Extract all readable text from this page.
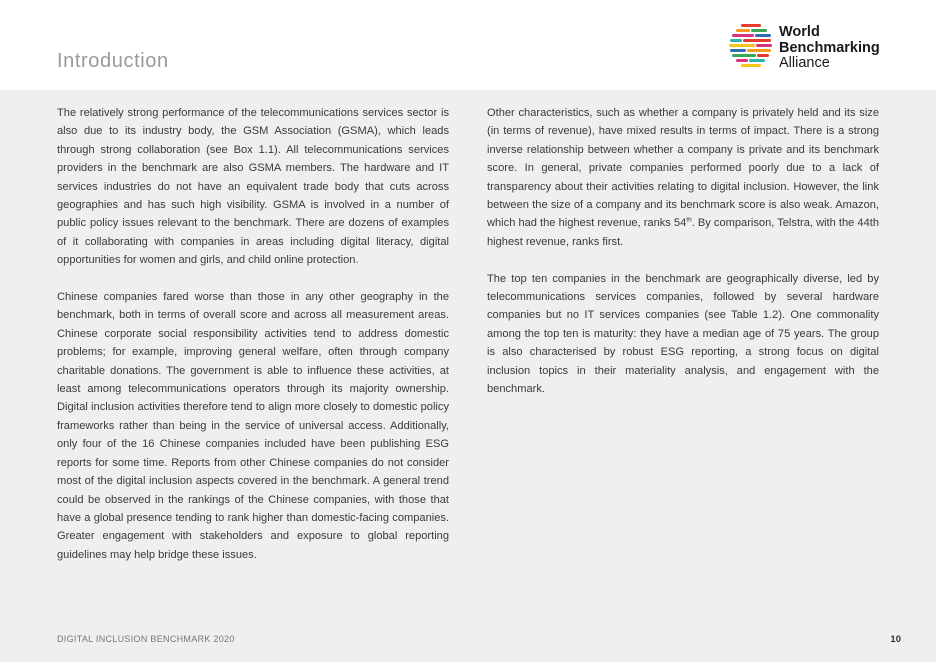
Introduction
World
Benchmarking
Alliance

The relatively strong performance of the telecommunications services sector is also due to its industry body, the GSM Association (GSMA), which leads through strong collaboration (see Box 1.1). All telecommunications services providers in the benchmark are also GSMA members. The hardware and IT services industries do not have an equivalent trade body that cuts across geographies and has such high visibility. GSMA is involved in a number of public policy issues relevant to the benchmark. There are dozens of examples of it collaborating with companies in areas including digital literacy, digital opportunities for women and girls, and child online protection.

Chinese companies fared worse than those in any other geography in the benchmark, both in terms of overall score and across all measurement areas. Chinese corporate social responsibility activities tend to address domestic problems; for example, improving general welfare, often through company charitable donations. The government is able to influence these activities, at least among telecommunications operators through its majority ownership. Digital inclusion activities therefore tend to align more closely to domestic policy frameworks rather than being in the service of universal access. Additionally, only four of the 16 Chinese companies included have been publishing ESG reports for some time. Reports from other Chinese companies do not consider most of the digital inclusion aspects covered in the benchmark. A general trend could be observed in the rankings of the Chinese companies, with those that have a global presence tending to rank higher than domestic-facing companies. Greater engagement with stakeholders and exposure to global reporting guidelines may help bridge these issues.

Other characteristics, such as whether a company is privately held and its size (in terms of revenue), have mixed results in terms of impact. There is a strong inverse relationship between whether a company is private and its benchmark score. In general, private companies performed poorly due to a lack of transparency about their activities relating to digital inclusion. However, the link between the size of a company and its benchmark score is also weak. Amazon, which had the highest revenue, ranks 54th. By comparison, Telstra, with the 44th highest revenue, ranks first.

The top ten companies in the benchmark are geographically diverse, led by telecommunications services companies, followed by several hardware companies but no IT services companies (see Table 1.2). One commonality among the top ten is maturity: they have a median age of 75 years. The group is also characterised by robust ESG reporting, a strong focus on digital inclusion topics in their materiality analysis, and engagement with the benchmark.

DIGITAL INCLUSION BENCHMARK 2020	10
